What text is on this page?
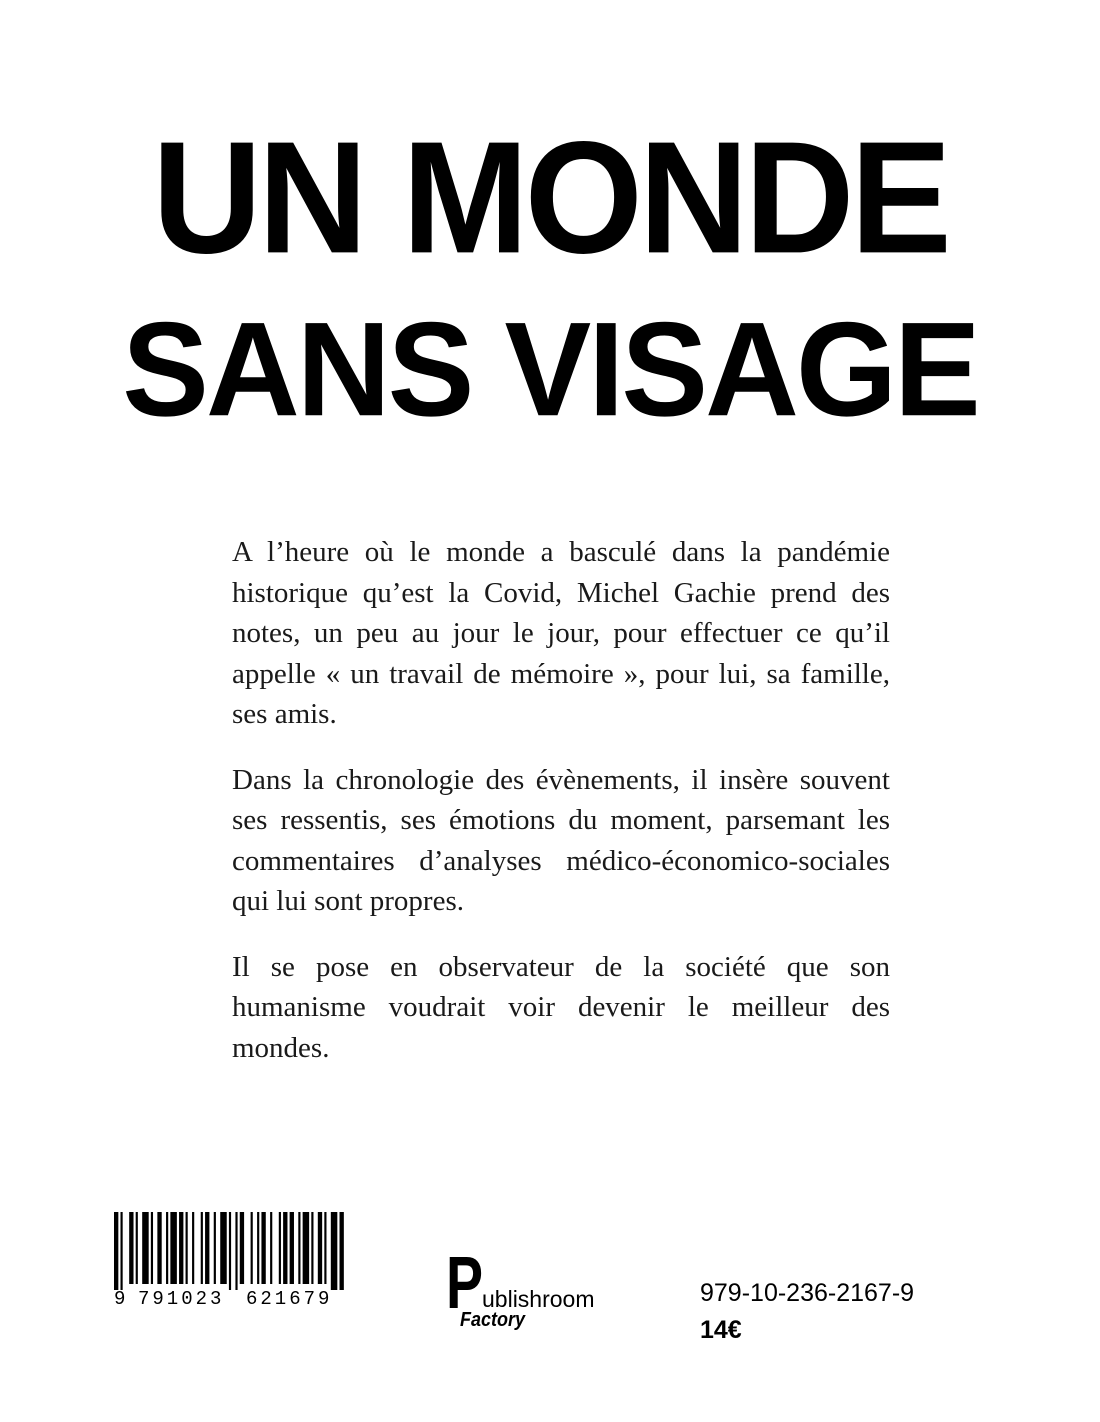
UN MONDE
SANS VISAGE

A l’heure où le monde a basculé dans la pandémie historique qu’est la Covid, Michel Gachie prend des notes, un peu au jour le jour, pour effectuer ce qu’il appelle « un travail de mémoire », pour lui, sa famille, ses amis.

Dans la chronologie des évènements, il insère souvent ses ressentis, ses émotions du moment, parsemant les commentaires d’analyses médico-économico-sociales qui lui sont propres.

Il se pose en observateur de la société que son humanisme voudrait voir devenir le meilleur des mondes.

9 791023 621679 P
ublishroom
Factory
979-10-236-2167-9
14€
